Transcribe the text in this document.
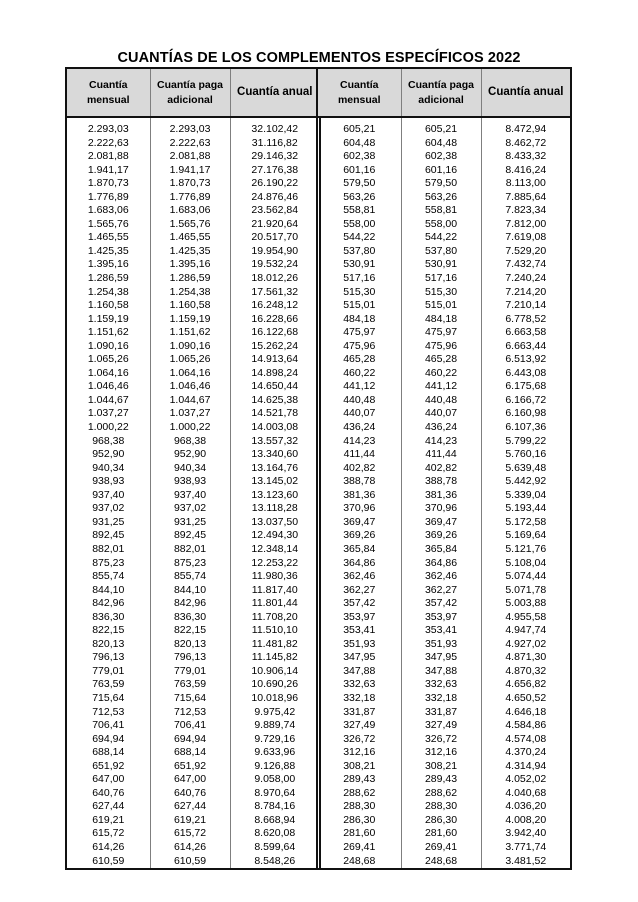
CUANTÍAS DE LOS COMPLEMENTOS ESPECÍFICOS 2022
Cuantía mensual	Cuantía paga adicional	Cuantía anual

2.293,03	2.293,03	32.102,42
2.222,63	2.222,63	31.116,82
2.081,88	2.081,88	29.146,32
1.941,17	1.941,17	27.176,38
1.870,73	1.870,73	26.190,22
1.776,89	1.776,89	24.876,46
1.683,06	1.683,06	23.562,84
1.565,76	1.565,76	21.920,64
1.465,55	1.465,55	20.517,70
1.425,35	1.425,35	19.954,90
1.395,16	1.395,16	19.532,24
1.286,59	1.286,59	18.012,26
1.254,38	1.254,38	17.561,32
1.160,58	1.160,58	16.248,12
1.159,19	1.159,19	16.228,66
1.151,62	1.151,62	16.122,68
1.090,16	1.090,16	15.262,24
1.065,26	1.065,26	14.913,64
1.064,16	1.064,16	14.898,24
1.046,46	1.046,46	14.650,44
1.044,67	1.044,67	14.625,38
1.037,27	1.037,27	14.521,78
1.000,22	1.000,22	14.003,08
968,38	968,38	13.557,32
952,90	952,90	13.340,60
940,34	940,34	13.164,76
938,93	938,93	13.145,02
937,40	937,40	13.123,60
937,02	937,02	13.118,28
931,25	931,25	13.037,50
892,45	892,45	12.494,30
882,01	882,01	12.348,14
875,23	875,23	12.253,22
855,74	855,74	11.980,36
844,10	844,10	11.817,40
842,96	842,96	11.801,44
836,30	836,30	11.708,20
822,15	822,15	11.510,10
820,13	820,13	11.481,82
796,13	796,13	11.145,82
779,01	779,01	10.906,14
763,59	763,59	10.690,26
715,64	715,64	10.018,96
712,53	712,53	9.975,42
706,41	706,41	9.889,74
694,94	694,94	9.729,16
688,14	688,14	9.633,96
651,92	651,92	9.126,88
647,00	647,00	9.058,00
640,76	640,76	8.970,64
627,44	627,44	8.784,16
619,21	619,21	8.668,94
615,72	615,72	8.620,08
614,26	614,26	8.599,64
610,59	610,59	8.548,26
Cuantía mensual	Cuantía paga adicional	Cuantía anual

605,21	605,21	8.472,94
604,48	604,48	8.462,72
602,38	602,38	8.433,32
601,16	601,16	8.416,24
579,50	579,50	8.113,00
563,26	563,26	7.885,64
558,81	558,81	7.823,34
558,00	558,00	7.812,00
544,22	544,22	7.619,08
537,80	537,80	7.529,20
530,91	530,91	7.432,74
517,16	517,16	7.240,24
515,30	515,30	7.214,20
515,01	515,01	7.210,14
484,18	484,18	6.778,52
475,97	475,97	6.663,58
475,96	475,96	6.663,44
465,28	465,28	6.513,92
460,22	460,22	6.443,08
441,12	441,12	6.175,68
440,48	440,48	6.166,72
440,07	440,07	6.160,98
436,24	436,24	6.107,36
414,23	414,23	5.799,22
411,44	411,44	5.760,16
402,82	402,82	5.639,48
388,78	388,78	5.442,92
381,36	381,36	5.339,04
370,96	370,96	5.193,44
369,47	369,47	5.172,58
369,26	369,26	5.169,64
365,84	365,84	5.121,76
364,86	364,86	5.108,04
362,46	362,46	5.074,44
362,27	362,27	5.071,78
357,42	357,42	5.003,88
353,97	353,97	4.955,58
353,41	353,41	4.947,74
351,93	351,93	4.927,02
347,95	347,95	4.871,30
347,88	347,88	4.870,32
332,63	332,63	4.656,82
332,18	332,18	4.650,52
331,87	331,87	4.646,18
327,49	327,49	4.584,86
326,72	326,72	4.574,08
312,16	312,16	4.370,24
308,21	308,21	4.314,94
289,43	289,43	4.052,02
288,62	288,62	4.040,68
288,30	288,30	4.036,20
286,30	286,30	4.008,20
281,60	281,60	3.942,40
269,41	269,41	3.771,74
248,68	248,68	3.481,52
